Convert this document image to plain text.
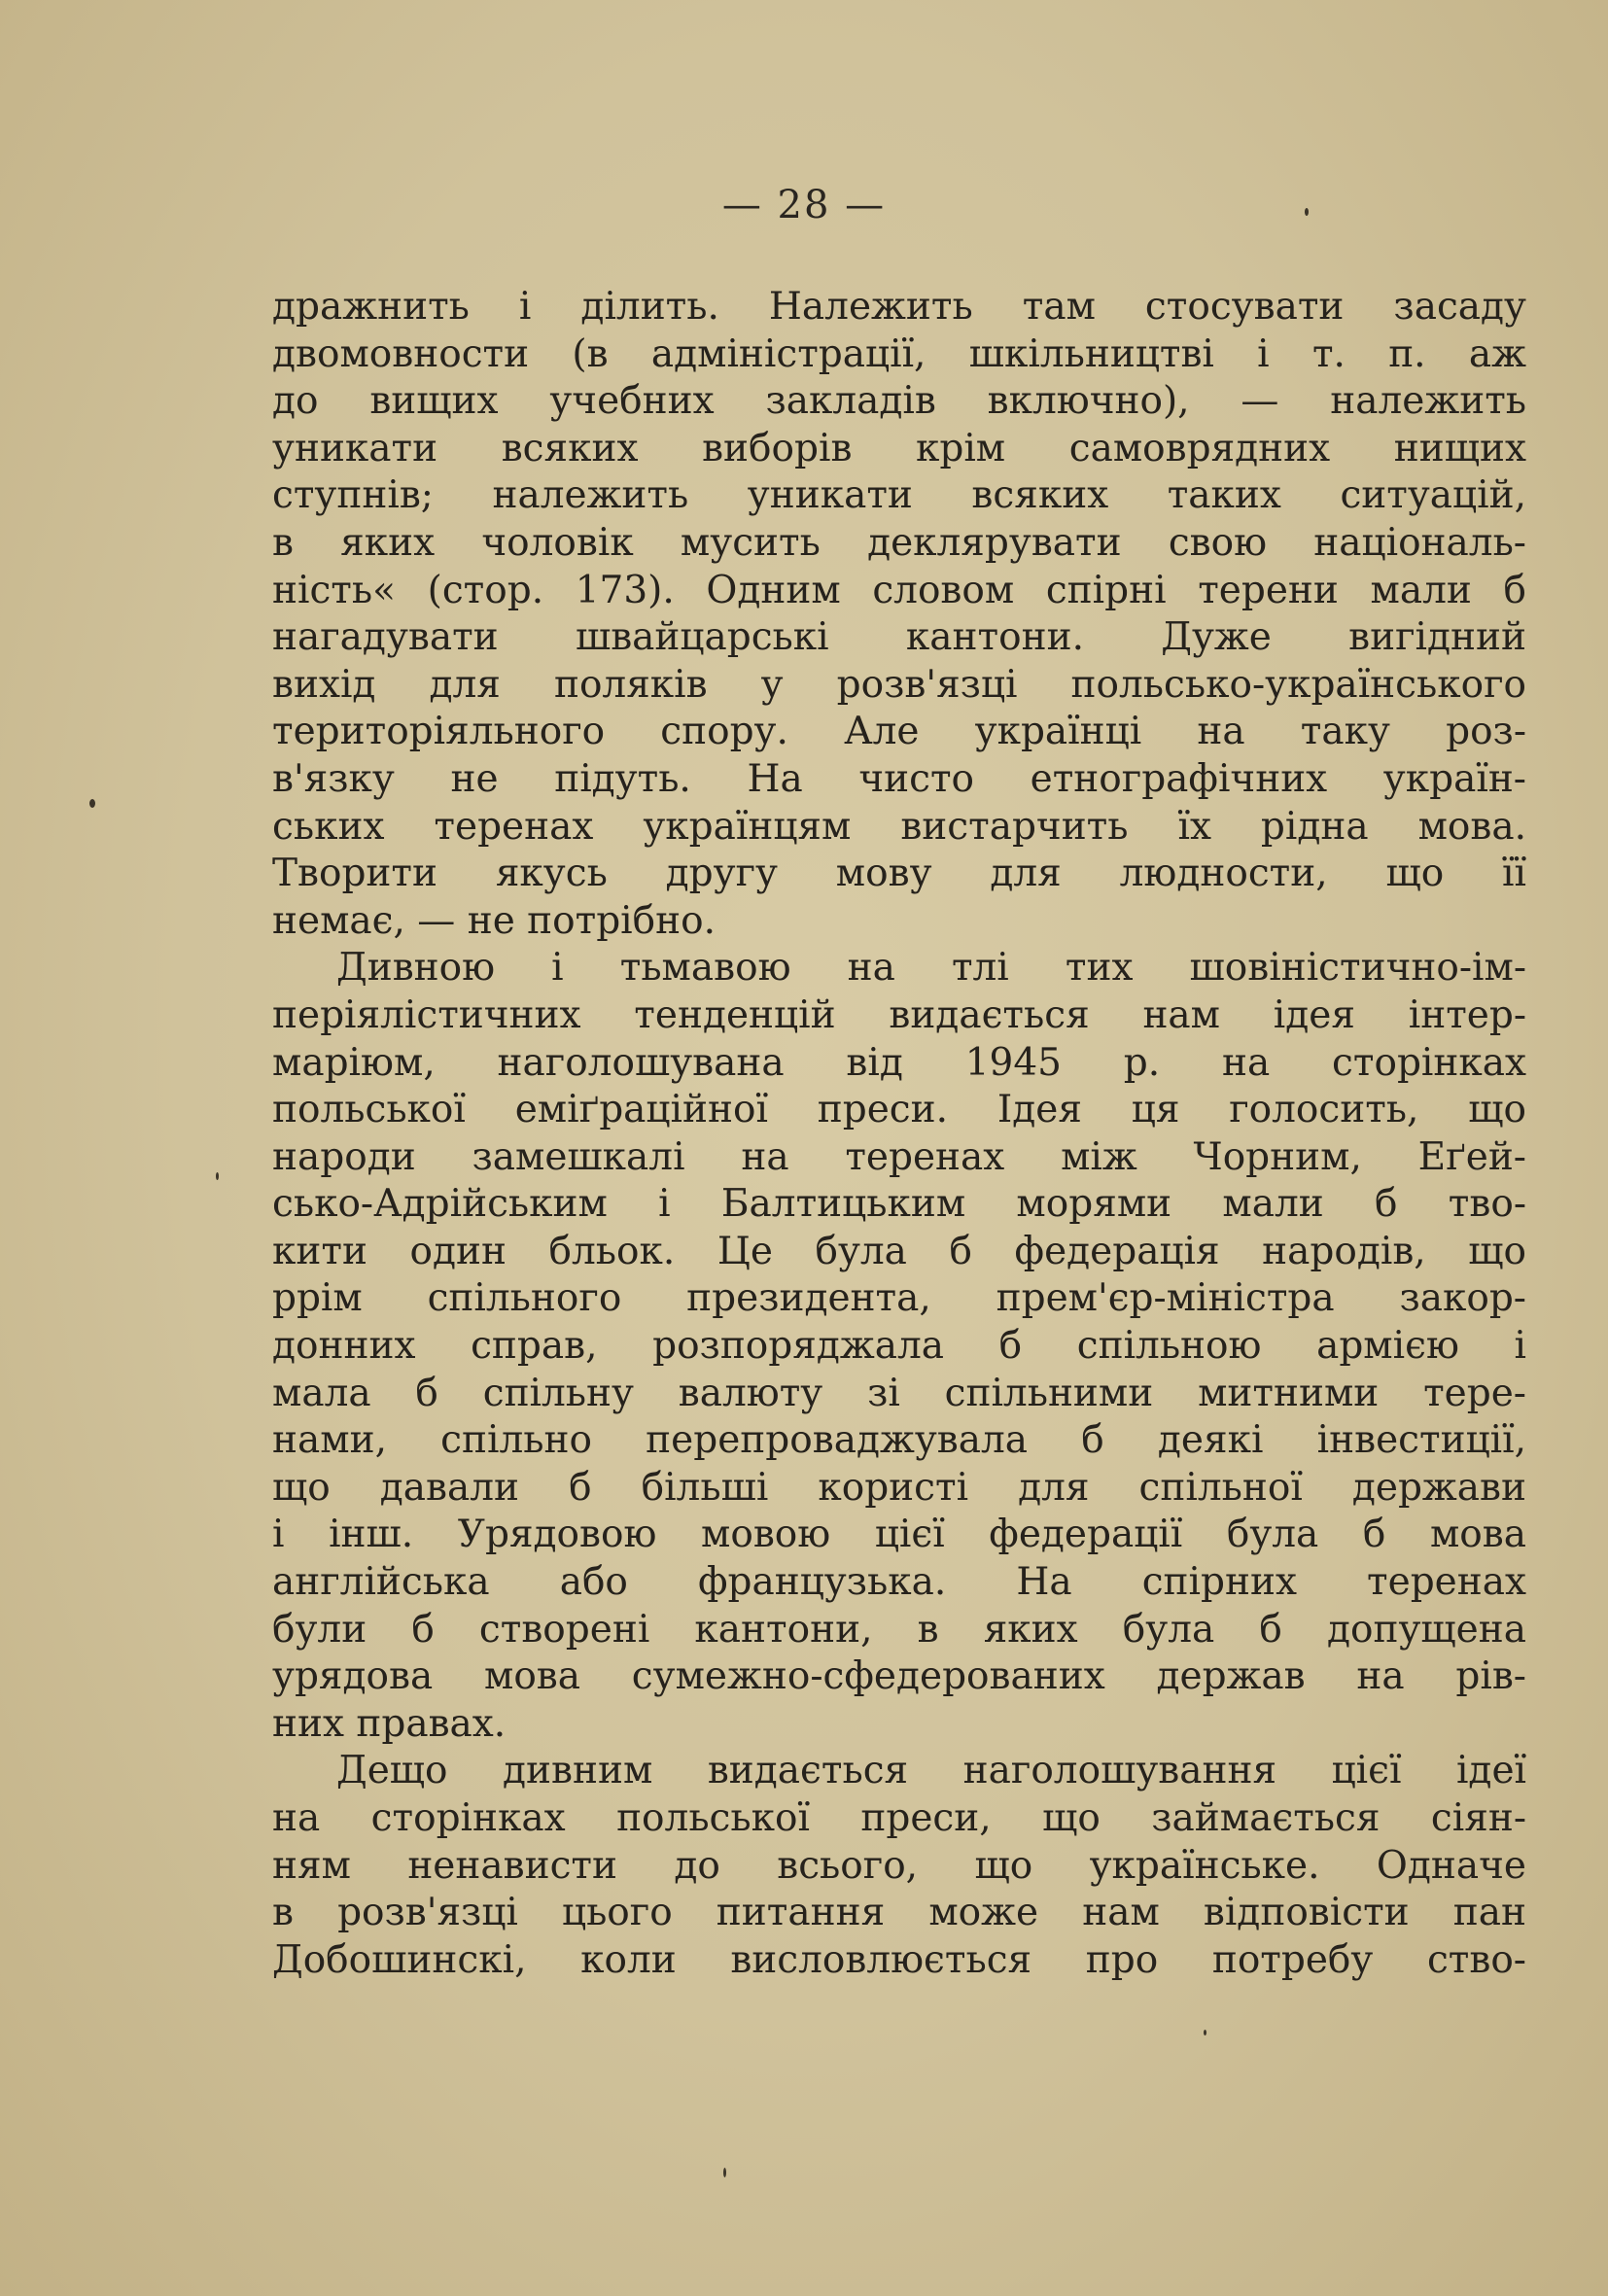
— 28 —
дражнить і ділить. Належить там стосувати засаду
двомовности (в адміністрації, шкільництві і т. п. аж
до вищих учебних закладів включно), — належить
уникати всяких виборів крім самоврядних нищих
ступнів; належить уникати всяких таких ситуацій,
в яких чоловік мусить деклярувати свою національ-
ність« (стор. 173). Одним словом спірні терени мали б
нагадувати швайцарські кантони. Дуже вигідний
вихід для поляків у розв'язці польсько-українського
територіяльного спору. Але українці на таку роз-
в'язку не підуть. На чисто етнографічних україн-
ських теренах українцям вистарчить їх рідна мова.
Творити якусь другу мову для людности, що її
немає, — не потрібно.
Дивною і тьмавою на тлі тих шовіністично-ім-
періялістичних тенденцій видається нам ідея інтер-
маріюм, наголошувана від 1945 р. на сторінках
польської еміґраційної преси. Ідея ця голосить, що
народи замешкалі на теренах між Чорним, Еґей-
сько-Адрійським і Балтицьким морями мали б тво-
кити один бльок. Це була б федерація народів, що
ррім спільного президента, прем'єр-міністра закор-
донних справ, розпоряджала б спільною армією і
мала б спільну валюту зі спільними митними тере-
нами, спільно перепроваджувала б деякі інвестиції,
що давали б більші користі для спільної держави
і інш. Урядовою мовою цієї федерації була б мова
англійська або французька. На спірних теренах
були б створені кантони, в яких була б допущена
урядова мова сумежно-сфедерованих держав на рів-
них правах.
Дещо дивним видається наголошування цієї ідеї
на сторінках польської преси, що займається сіян-
ням ненависти до всього, що українське. Одначе
в розв'язці цього питання може нам відповісти пан
Добошинскі, коли висловлюється про потребу ство-
